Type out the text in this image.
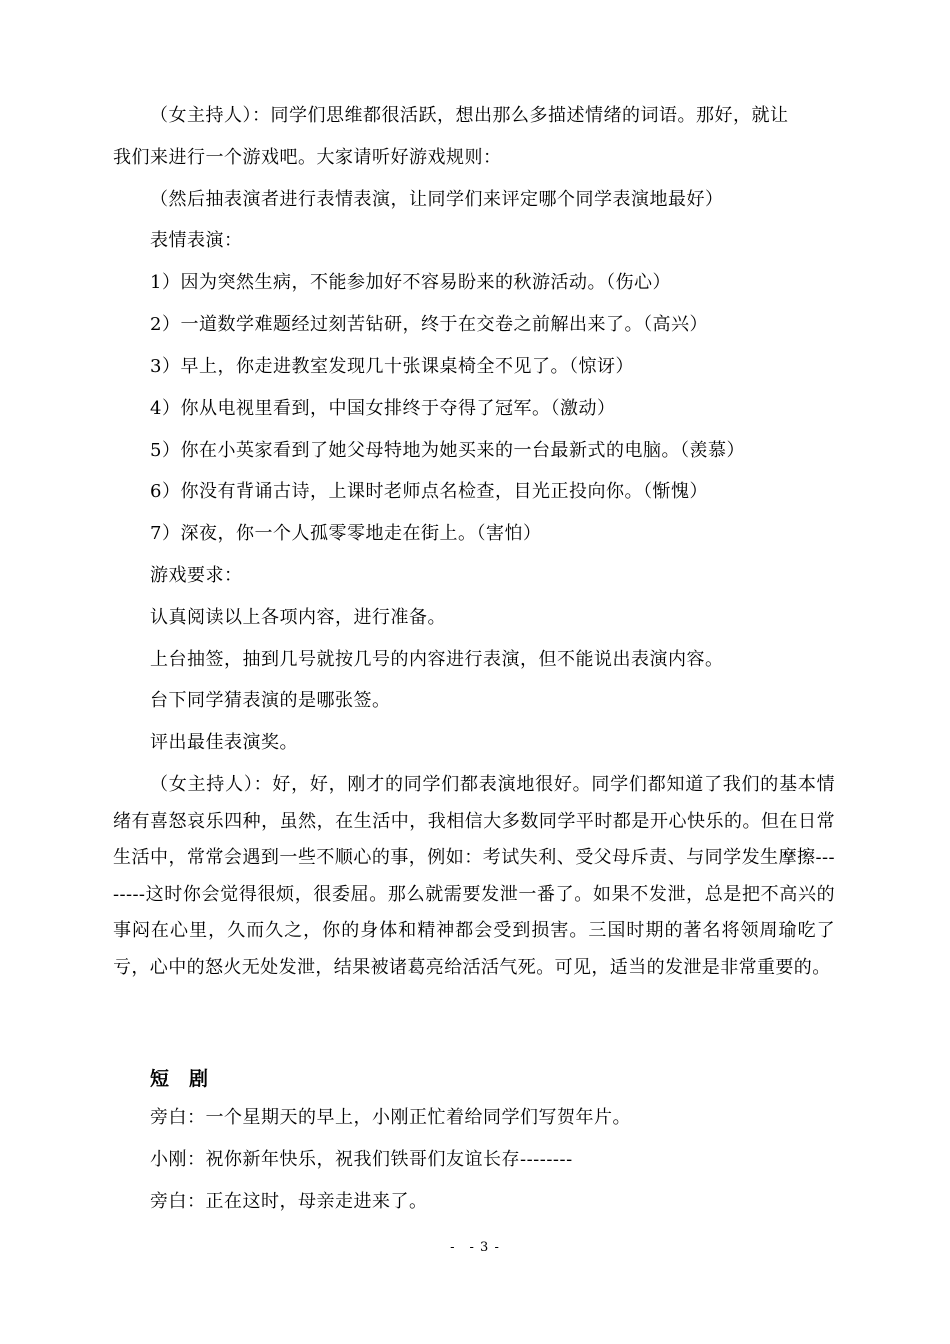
（女主持人）：同学们思维都很活跃，想出那么多描述情绪的词语。那好，就让
我们来进行一个游戏吧。大家请听好游戏规则：
（然后抽表演者进行表情表演，让同学们来评定哪个同学表演地最好）
表情表演：
1）因为突然生病，不能参加好不容易盼来的秋游活动。（伤心）
2）一道数学难题经过刻苦钻研，终于在交卷之前解出来了。（高兴）
3）早上，你走进教室发现几十张课桌椅全不见了。（惊讶）
4）你从电视里看到，中国女排终于夺得了冠军。（激动）
5）你在小英家看到了她父母特地为她买来的一台最新式的电脑。（羡慕）
6）你没有背诵古诗，上课时老师点名检查，目光正投向你。（惭愧）
7）深夜，你一个人孤零零地走在街上。（害怕）
游戏要求：
认真阅读以上各项内容，进行准备。
上台抽签，抽到几号就按几号的内容进行表演，但不能说出表演内容。
台下同学猜表演的是哪张签。
评出最佳表演奖。
（女主持人）：好，好，刚才的同学们都表演地很好。同学们都知道了我们的基本情绪有喜怒哀乐四种，虽然，在生活中，我相信大多数同学平时都是开心快乐的。但在日常生活中，常常会遇到一些不顺心的事，例如：考试失利、受父母斥责、与同学发生摩擦--------这时你会觉得很烦，很委屈。那么就需要发泄一番了。如果不发泄，总是把不高兴的事闷在心里，久而久之，你的身体和精神都会受到损害。三国时期的著名将领周瑜吃了亏，心中的怒火无处发泄，结果被诸葛亮给活活气死。可见，适当的发泄是非常重要的。
短　剧
旁白：一个星期天的早上，小刚正忙着给同学们写贺年片。
小刚：祝你新年快乐，祝我们铁哥们友谊长存--------
旁白：正在这时，母亲走进来了。
-　- 3 -
